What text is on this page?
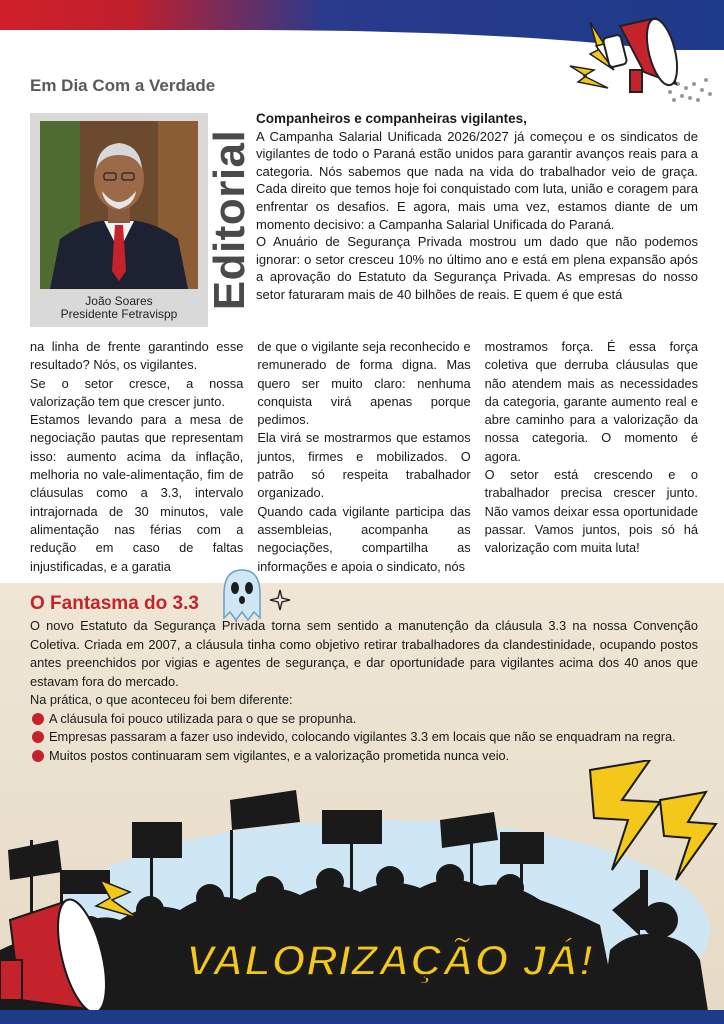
Em Dia Com a Verdade
João Soares
Presidente Fetravispp
Editorial

Companheiros e companheiras vigilantes,

A Campanha Salarial Unificada 2026/2027 já começou e os sindicatos de vigilantes de todo o Paraná estão unidos para garantir avanços reais para a categoria. Nós sabemos que nada na vida do trabalhador veio de graça. Cada direito que temos hoje foi conquistado com luta, união e coragem para enfrentar os desafios. E agora, mais uma vez, estamos diante de um momento decisivo: a Campanha Salarial Unificada do Paraná.

O Anuário de Segurança Privada mostrou um dado que não podemos ignorar: o setor cresceu 10% no último ano e está em plena expansão após a aprovação do Estatuto da Segurança Privada. As empresas do nosso setor faturaram mais de 40 bilhões de reais. E quem é que está

na linha de frente garantindo esse resultado? Nós, os vigilantes.

Se o setor cresce, a nossa valorização tem que crescer junto.

Estamos levando para a mesa de negociação pautas que representam isso: aumento acima da inflação, melhoria no vale-alimentação, fim de cláusulas como a 3.3, intervalo intrajornada de 30 minutos, vale alimentação nas férias com a redução em caso de faltas injustificadas, e a garatia

de que o vigilante seja reconhecido e remunerado de forma digna. Mas quero ser muito claro: nenhuma conquista virá apenas porque pedimos.

Ela virá se mostrarmos que estamos juntos, firmes e mobilizados. O patrão só respeita trabalhador organizado.

Quando cada vigilante participa das assembleias, acompanha as negociações, compartilha as informações e apoia o sindicato, nós

mostramos força. É essa força coletiva que derruba cláusulas que não atendem mais as necessidades da categoria, garante aumento real e abre caminho para a valorização da nossa categoria. O momento é agora.

O setor está crescendo e o trabalhador precisa crescer junto. Não vamos deixar essa oportunidade passar. Vamos juntos, pois só há valorização com muita luta!

O Fantasma do 3.3

O novo Estatuto da Segurança Privada torna sem sentido a manutenção da cláusula 3.3 na nossa Convenção Coletiva. Criada em 2007, a cláusula tinha como objetivo retirar trabalhadores da clandestinidade, ocupando postos antes preenchidos por vigias e agentes de segurança, e dar oportunidade para vigilantes acima dos 40 anos que estavam fora do mercado.

Na prática, o que aconteceu foi bem diferente:

A cláusula foi pouco utilizada para o que se propunha.
Empresas passaram a fazer uso indevido, colocando vigilantes 3.3 em locais que não se enquadram na regra.
Muitos postos continuaram sem vigilantes, e a valorização prometida nunca veio.
VALORIZAÇÃO JÁ!
